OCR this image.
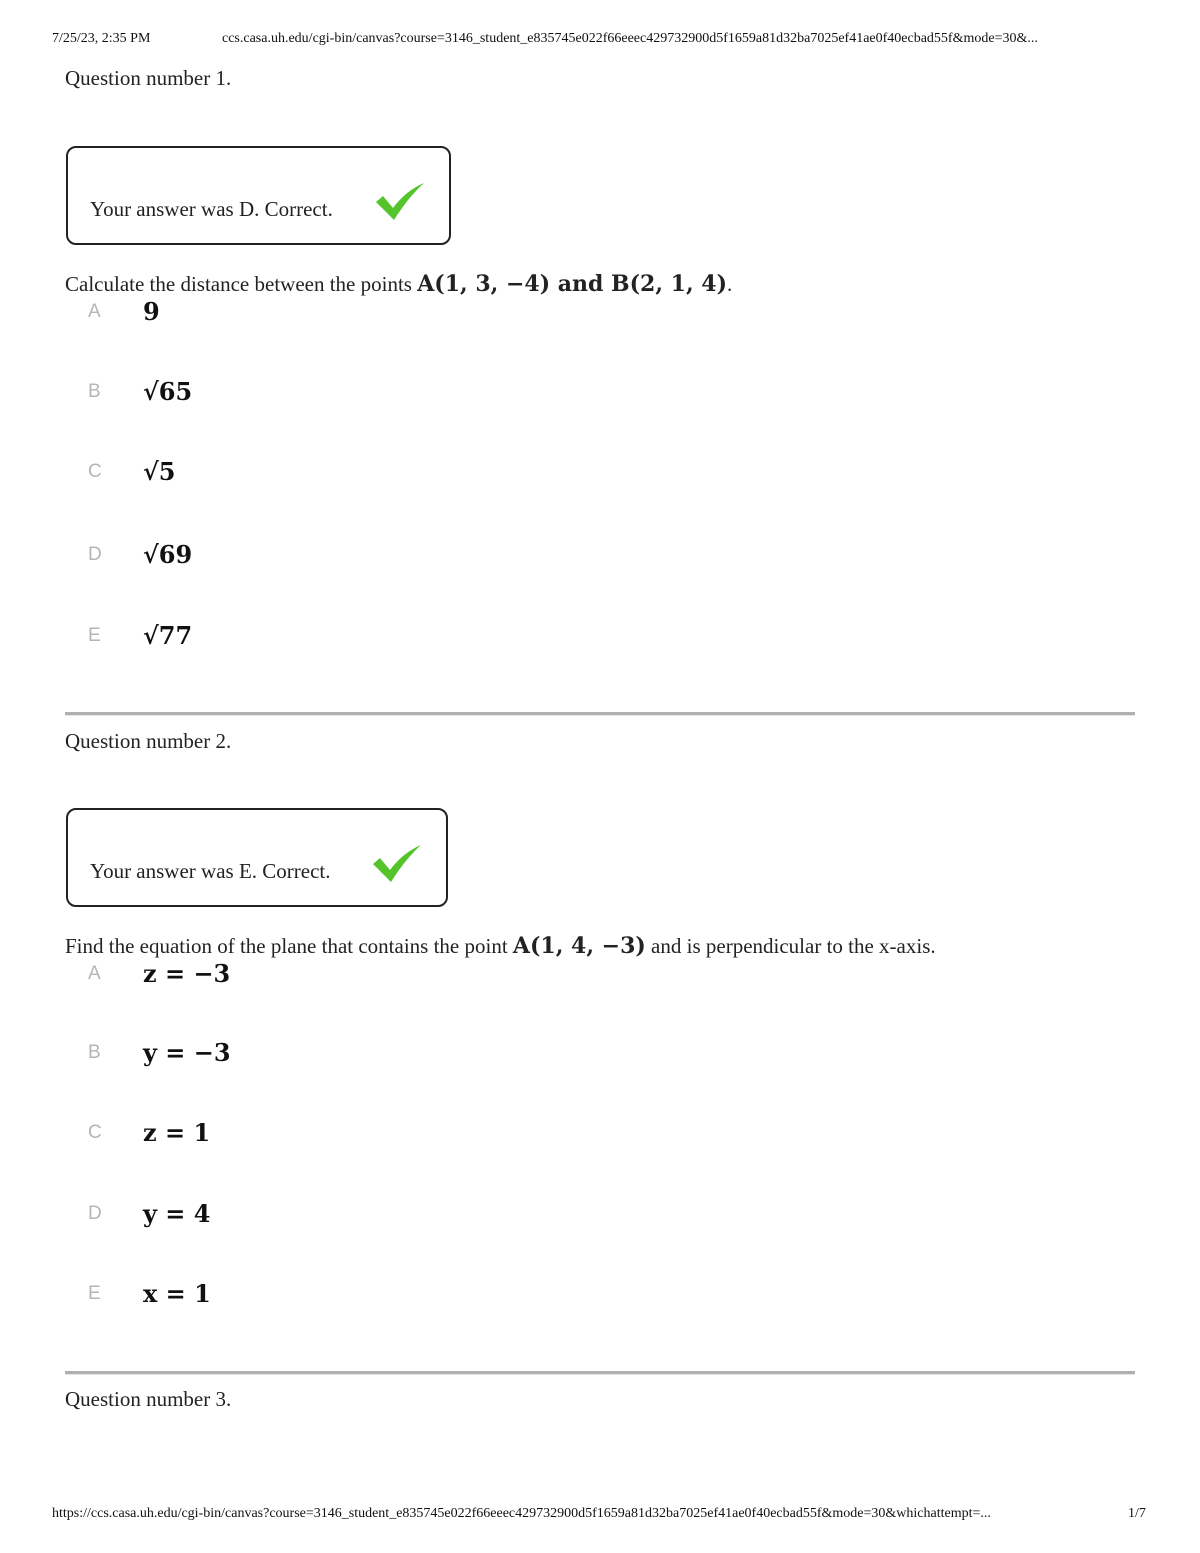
7/25/23, 2:35 PM	ccs.casa.uh.edu/cgi-bin/canvas?course=3146_student_e835745e022f66eeec429732900d5f1659a81d32ba7025ef41ae0f40ecbad55f&mode=30&...
Question number 1.
Your answer was D. Correct.
Calculate the distance between the points A(1, 3, −4) and B(2, 1, 4).
A 9
B √65
C √5
D √69
E √77
Question number 2.
Your answer was E. Correct.
Find the equation of the plane that contains the point A(1, 4, −3) and is perpendicular to the x-axis.
A z = −3
B y = −3
C z = 1
D y = 4
E x = 1
Question number 3.
https://ccs.casa.uh.edu/cgi-bin/canvas?course=3146_student_e835745e022f66eeec429732900d5f1659a81d32ba7025ef41ae0f40ecbad55f&mode=30&whichattempt=...	1/7
